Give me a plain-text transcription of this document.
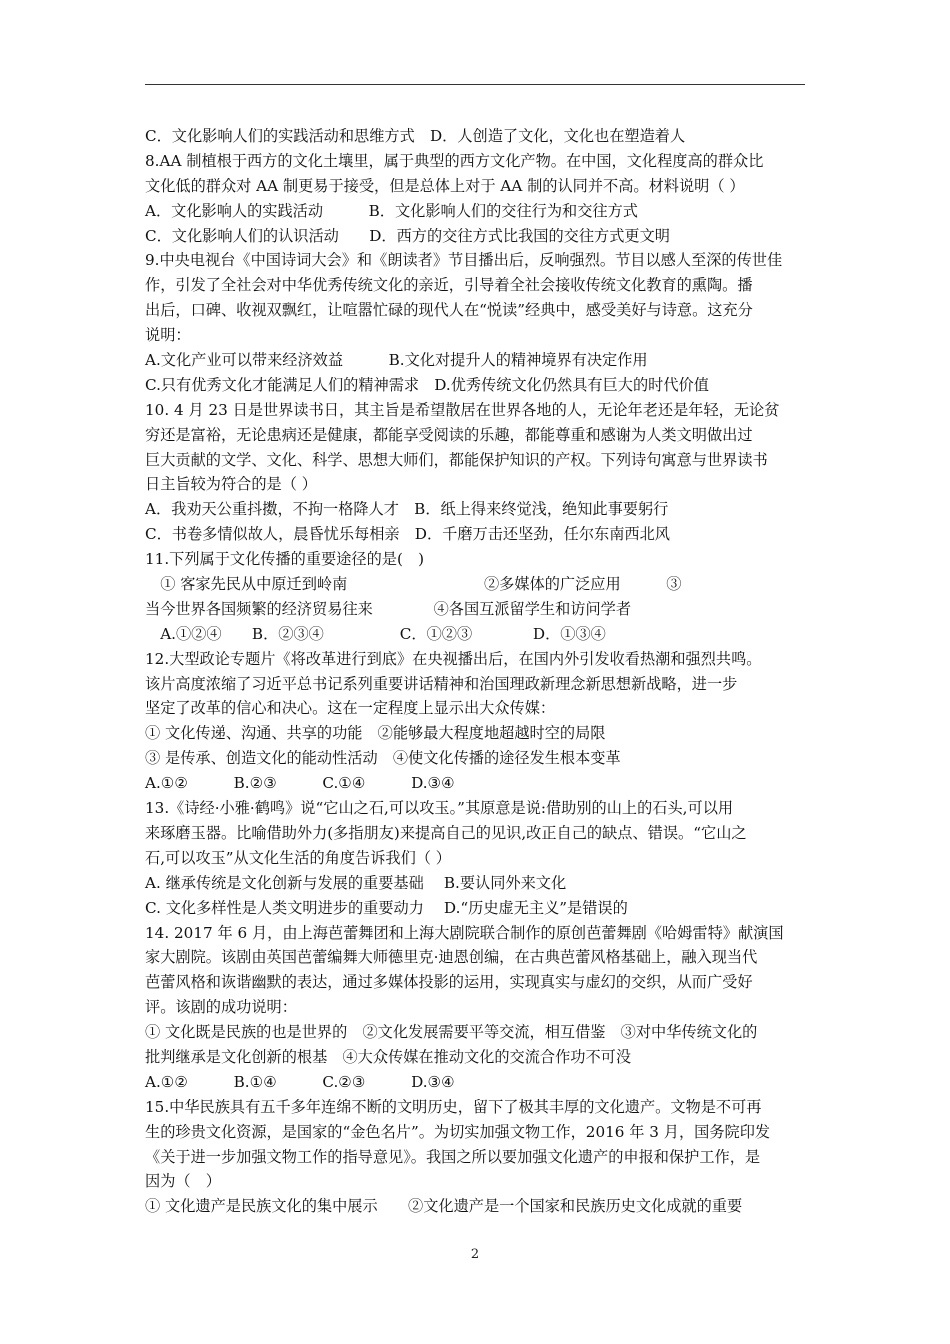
C．文化影响人们的实践活动和思维方式　D．人创造了文化，文化也在塑造着人
8.AA 制植根于西方的文化土壤里，属于典型的西方文化产物。在中国，文化程度高的群众比
文化低的群众对 AA 制更易于接受，但是总体上对于 AA 制的认同并不高。材料说明（ ）
A．文化影响人的实践活动　　　B．文化影响人们的交往行为和交往方式
C．文化影响人们的认识活动　　D．西方的交往方式比我国的交往方式更文明
9.中央电视台《中国诗词大会》和《朗读者》节目播出后，反响强烈。节目以感人至深的传世佳
作，引发了全社会对中华优秀传统文化的亲近，引导着全社会接收传统文化教育的熏陶。播
出后，口碑、收视双飘红，让喧嚣忙碌的现代人在“悦读”经典中，感受美好与诗意。这充分
说明：
A.文化产业可以带来经济效益　　　B.文化对提升人的精神境界有决定作用
C.只有优秀文化才能满足人们的精神需求　D.优秀传统文化仍然具有巨大的时代价值
10. 4 月 23 日是世界读书日，其主旨是希望散居在世界各地的人，无论年老还是年轻，无论贫
穷还是富裕，无论患病还是健康，都能享受阅读的乐趣，都能尊重和感谢为人类文明做出过
巨大贡献的文学、文化、科学、思想大师们，都能保护知识的产权。下列诗句寓意与世界读书
日主旨较为符合的是（ ）
A．我劝天公重抖擞，不拘一格降人才　B．纸上得来终觉浅，绝知此事要躬行
C．书卷多情似故人，晨昏忧乐每相亲　D．千磨万击还坚劲，任尔东南西北风
11.下列属于文化传播的重要途径的是(　)
　① 客家先民从中原迁到岭南　　　　　　　　　②多媒体的广泛应用　　　③
当今世界各国频繁的经济贸易往来　　　　④各国互派留学生和访问学者
　A.①②④　　B．②③④　　　　　C．①②③　　　　D．①③④
12.大型政论专题片《将改革进行到底》在央视播出后，在国内外引发收看热潮和强烈共鸣。
该片高度浓缩了习近平总书记系列重要讲话精神和治国理政新理念新思想新战略，进一步
坚定了改革的信心和决心。这在一定程度上显示出大众传媒：
① 文化传递、沟通、共享的功能　②能够最大程度地超越时空的局限
③ 是传承、创造文化的能动性活动　④使文化传播的途径发生根本变革
A.①②　　　B.②③　　　C.①④　　　D.③④
13.《诗经·小雅·鹤鸣》说“它山之石,可以攻玉。”其原意是说:借助别的山上的石头,可以用
来琢磨玉器。比喻借助外力(多指朋友)来提高自己的见识,改正自己的缺点、错误。“它山之
石,可以攻玉”从文化生活的角度告诉我们（ ）
A. 继承传统是文化创新与发展的重要基础　 B.要认同外来文化
C. 文化多样性是人类文明进步的重要动力　 D.“历史虚无主义”是错误的
14. 2017 年 6 月，由上海芭蕾舞团和上海大剧院联合制作的原创芭蕾舞剧《哈姆雷特》献演国
家大剧院。该剧由英国芭蕾编舞大师德里克·迪恩创编，在古典芭蕾风格基础上，融入现当代
芭蕾风格和诙谐幽默的表达，通过多媒体投影的运用，实现真实与虚幻的交织，从而广受好
评。该剧的成功说明：
① 文化既是民族的也是世界的　②文化发展需要平等交流，相互借鉴　③对中华传统文化的
批判继承是文化创新的根基　④大众传媒在推动文化的交流合作功不可没
A.①②　　　B.①④　　　C.②③　　　D.③④
15.中华民族具有五千多年连绵不断的文明历史，留下了极其丰厚的文化遗产。文物是不可再
生的珍贵文化资源，是国家的“金色名片”。为切实加强文物工作，2016 年 3 月，国务院印发
《关于进一步加强文物工作的指导意见》。我国之所以要加强文化遗产的申报和保护工作，是
因为（　）
① 文化遗产是民族文化的集中展示　　②文化遗产是一个国家和民族历史文化成就的重要
2
